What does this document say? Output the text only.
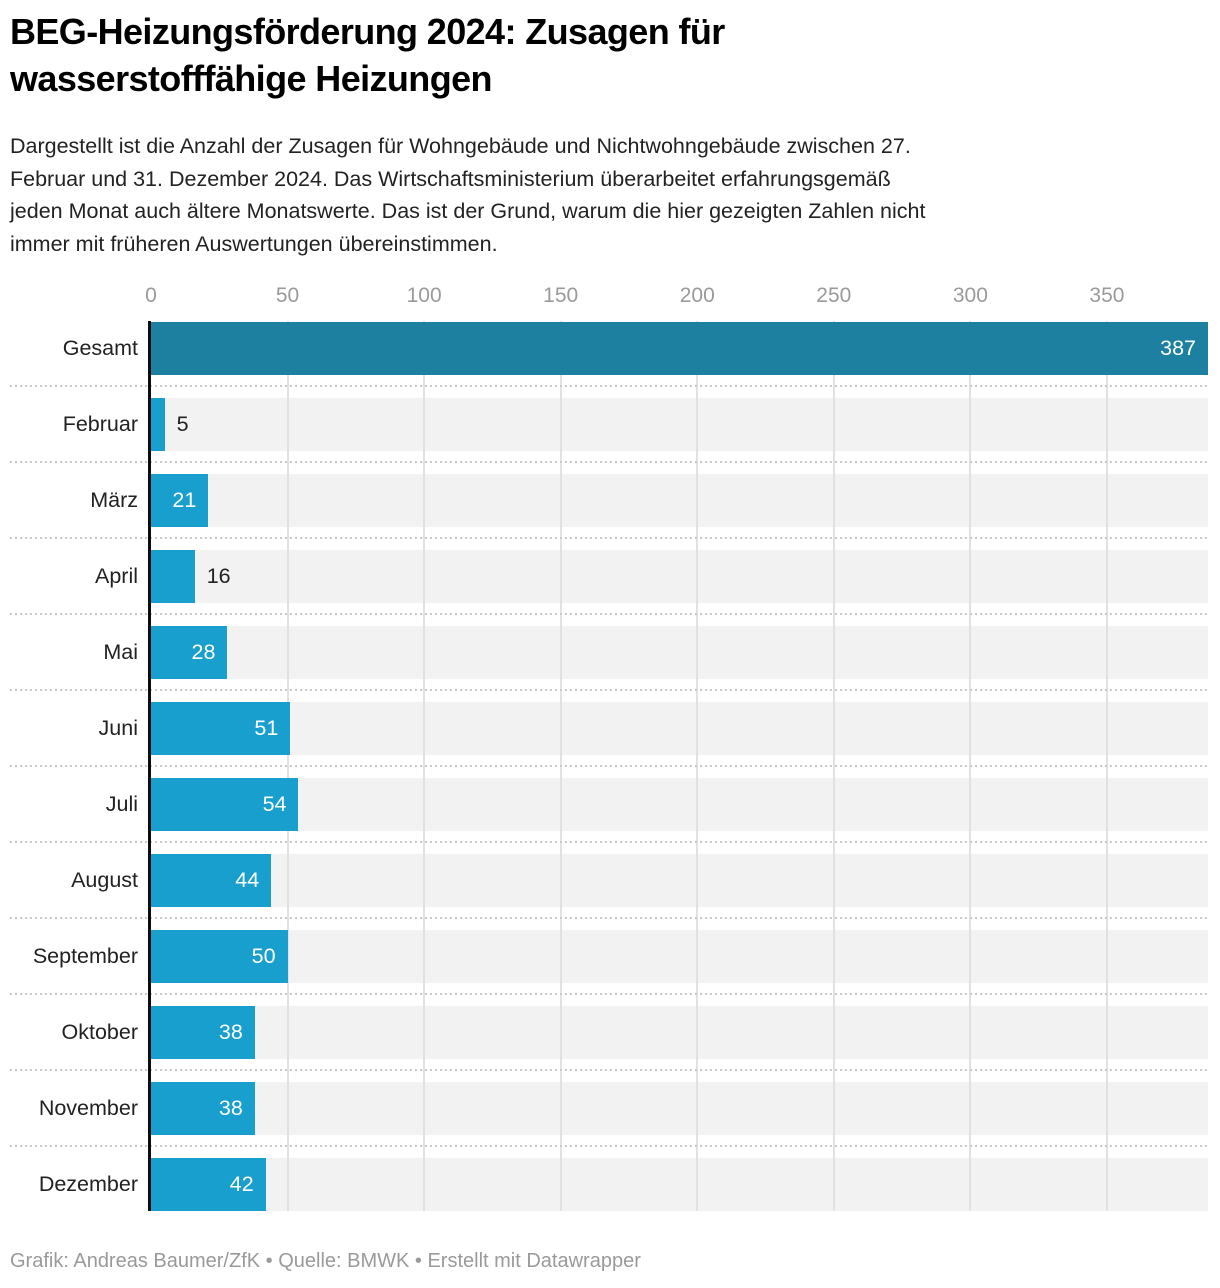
BEG-Heizungsförderung 2024: Zusagen für
wasserstofffähige Heizungen
Dargestellt ist die Anzahl der Zusagen für Wohngebäude und Nichtwohngebäude zwischen 27.
Februar und 31. Dezember 2024. Das Wirtschaftsministerium überarbeitet erfahrungsgemäß
jeden Monat auch ältere Monatswerte. Das ist der Grund, warum die hier gezeigten Zahlen nicht
immer mit früheren Auswertungen übereinstimmen.
0	50	100	150	200	250	300	350
Gesamt	387
Februar 5
März 21
April	16
Mai 28
Juni	51
Juli	54
August	44
September	50
Oktober	38
November	38
Dezember	42
Grafik: Andreas Baumer/ZfK • Quelle: BMWK • Erstellt mit Datawrapper
